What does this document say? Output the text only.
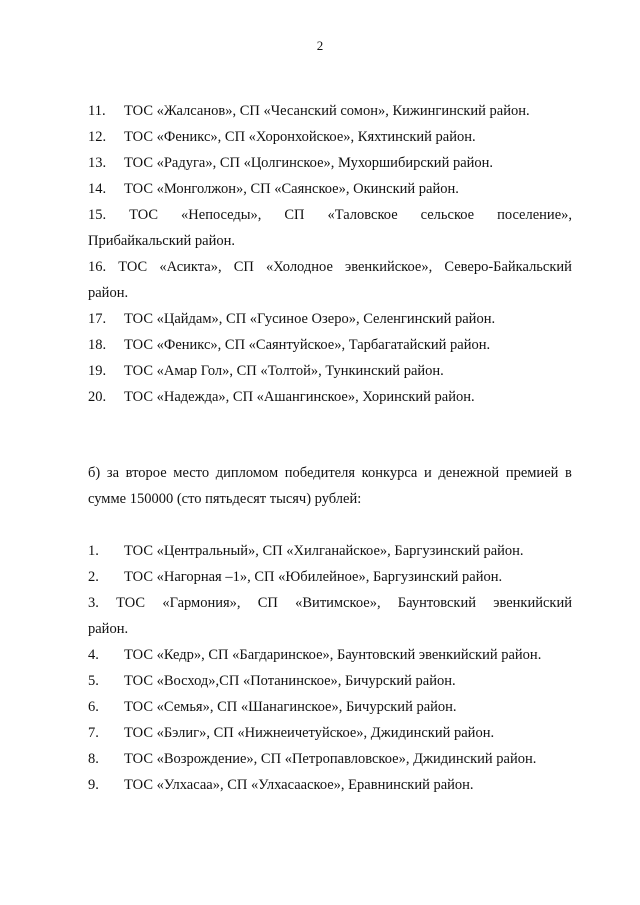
2
11. ТОС «Жалсанов», СП «Чесанский сомон», Кижингинский район.
12. ТОС «Феникс», СП «Хоронхойское», Кяхтинский район.
13. ТОС «Радуга», СП «Цолгинское», Мухоршибирский район.
14. ТОС «Монголжон», СП «Саянское», Окинский район.
15. ТОС «Непоседы», СП «Таловское сельское поселение»,
Прибайкальский район.
16. ТОС «Асикта», СП «Холодное эвенкийское», Северо-Байкальский
район.
17. ТОС «Цайдам», СП «Гусиное Озеро», Селенгинский район.
18. ТОС «Феникс», СП «Саянтуйское», Тарбагатайский район.
19. ТОС «Амар Гол», СП «Толтой», Тункинский район.
20. ТОС «Надежда», СП «Ашангинское», Хоринский район.
б) за второе место дипломом победителя конкурса и денежной премией в
сумме 150000 (сто пятьдесят тысяч) рублей:
1. ТОС «Центральный», СП «Хилганайское», Баргузинский район.
2. ТОС «Нагорная –1», СП «Юбилейное», Баргузинский район.
3. ТОС «Гармония», СП «Витимское», Баунтовский эвенкийский
район.
4. ТОС «Кедр», СП «Багдаринское», Баунтовский эвенкийский район.
5. ТОС «Восход»,СП «Потанинское», Бичурский район.
6. ТОС «Семья», СП «Шанагинское», Бичурский район.
7. ТОС «Бэлиг», СП «Нижнеичетуйское», Джидинский район.
8. ТОС «Возрождение», СП «Петропавловское», Джидинский район.
9. ТОС «Улхасаа», СП «Улхасаaское», Еравнинский район.
